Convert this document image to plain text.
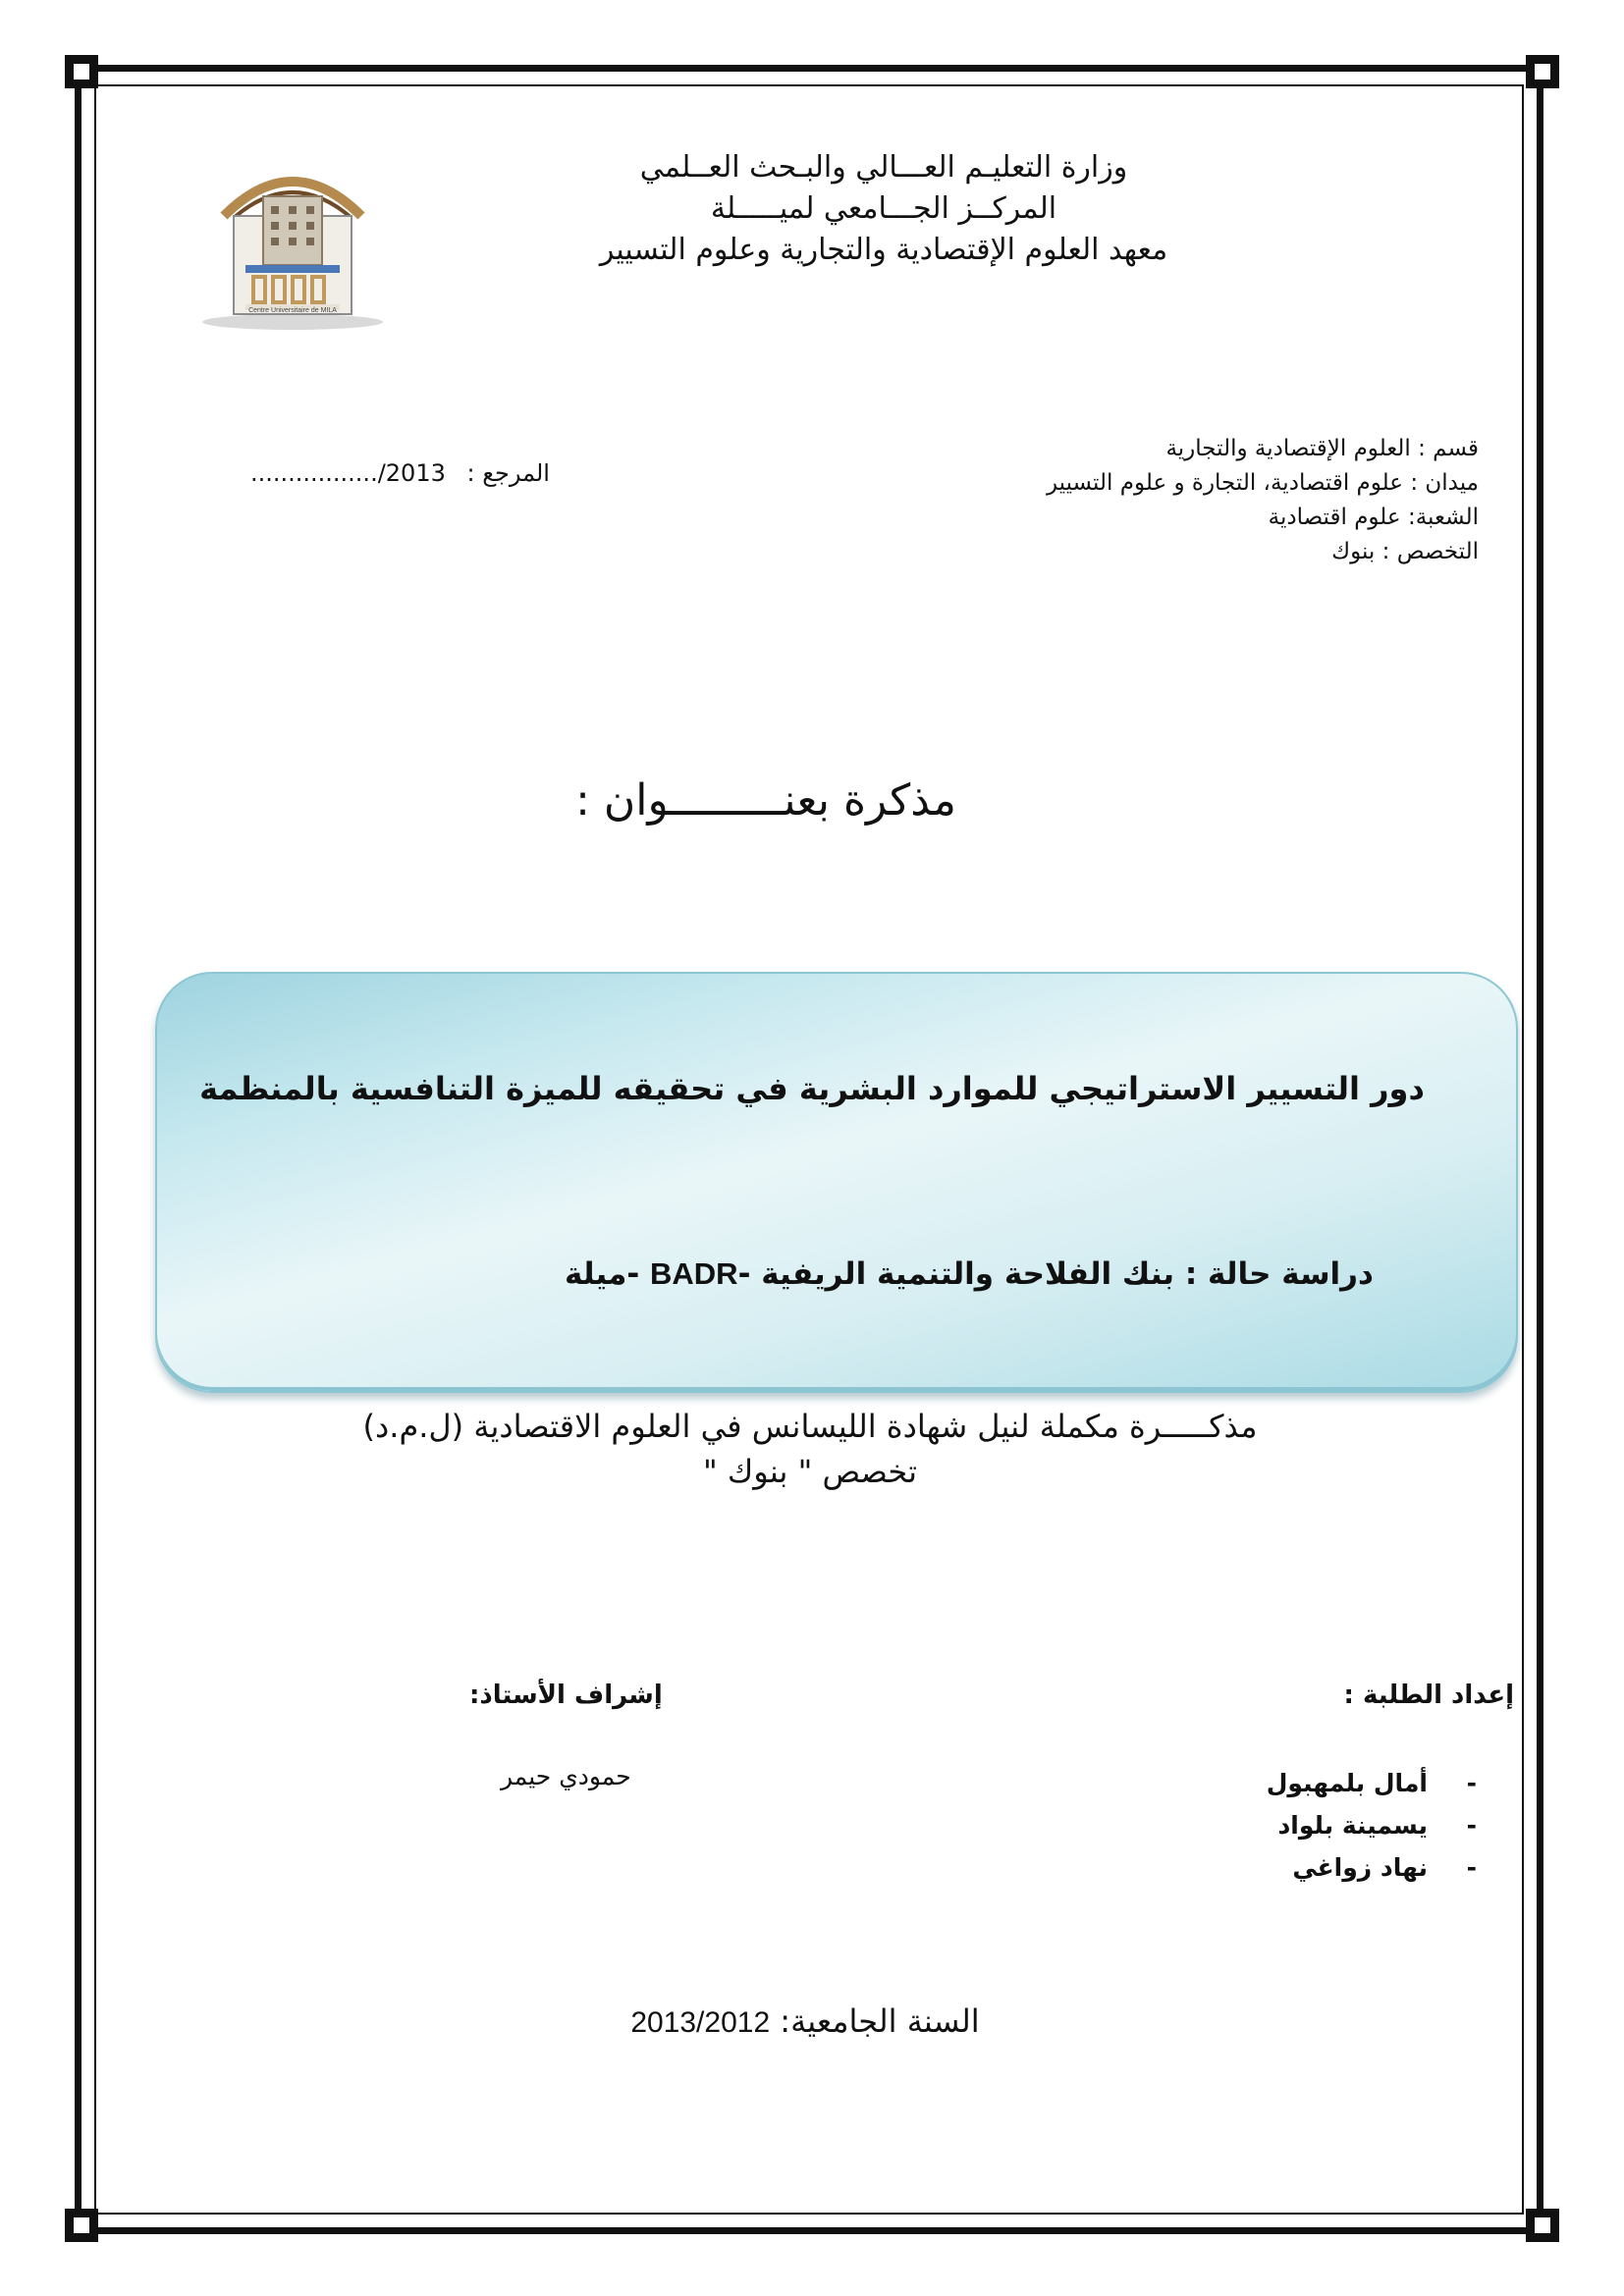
Centre Universitaire de MILA
وزارة التعليـم العـــالي والبـحث العــلمي
المركــز الجـــامعي لميـــــلة
معهد العلوم الإقتصادية والتجارية وعلوم التسيير
قسم : العلوم الإقتصادية والتجارية
ميدان : علوم اقتصادية، التجارة و علوم التسيير
الشعبة: علوم اقتصادية
التخصص : بنوك
المرجع : ................./2013
مذكرة بعنـــــــــوان :
دور التسيير الاستراتيجي للموارد البشرية في تحقيقه للميزة التنافسية بالمنظمة
دراسة حالة : بنك الفلاحة والتنمية الريفية -BADR -ميلة
مذكـــــرة مكملة لنيل شهادة الليسانس في العلوم الاقتصادية (ل.م.د)
تخصص " بنوك "
إعداد الطلبة :
إشراف الأستاذ:
-أمال بلمهبول
-يسمينة بلواد
-نهاد زواغي
حمودي حيمر
السنة الجامعية: 2013/2012
